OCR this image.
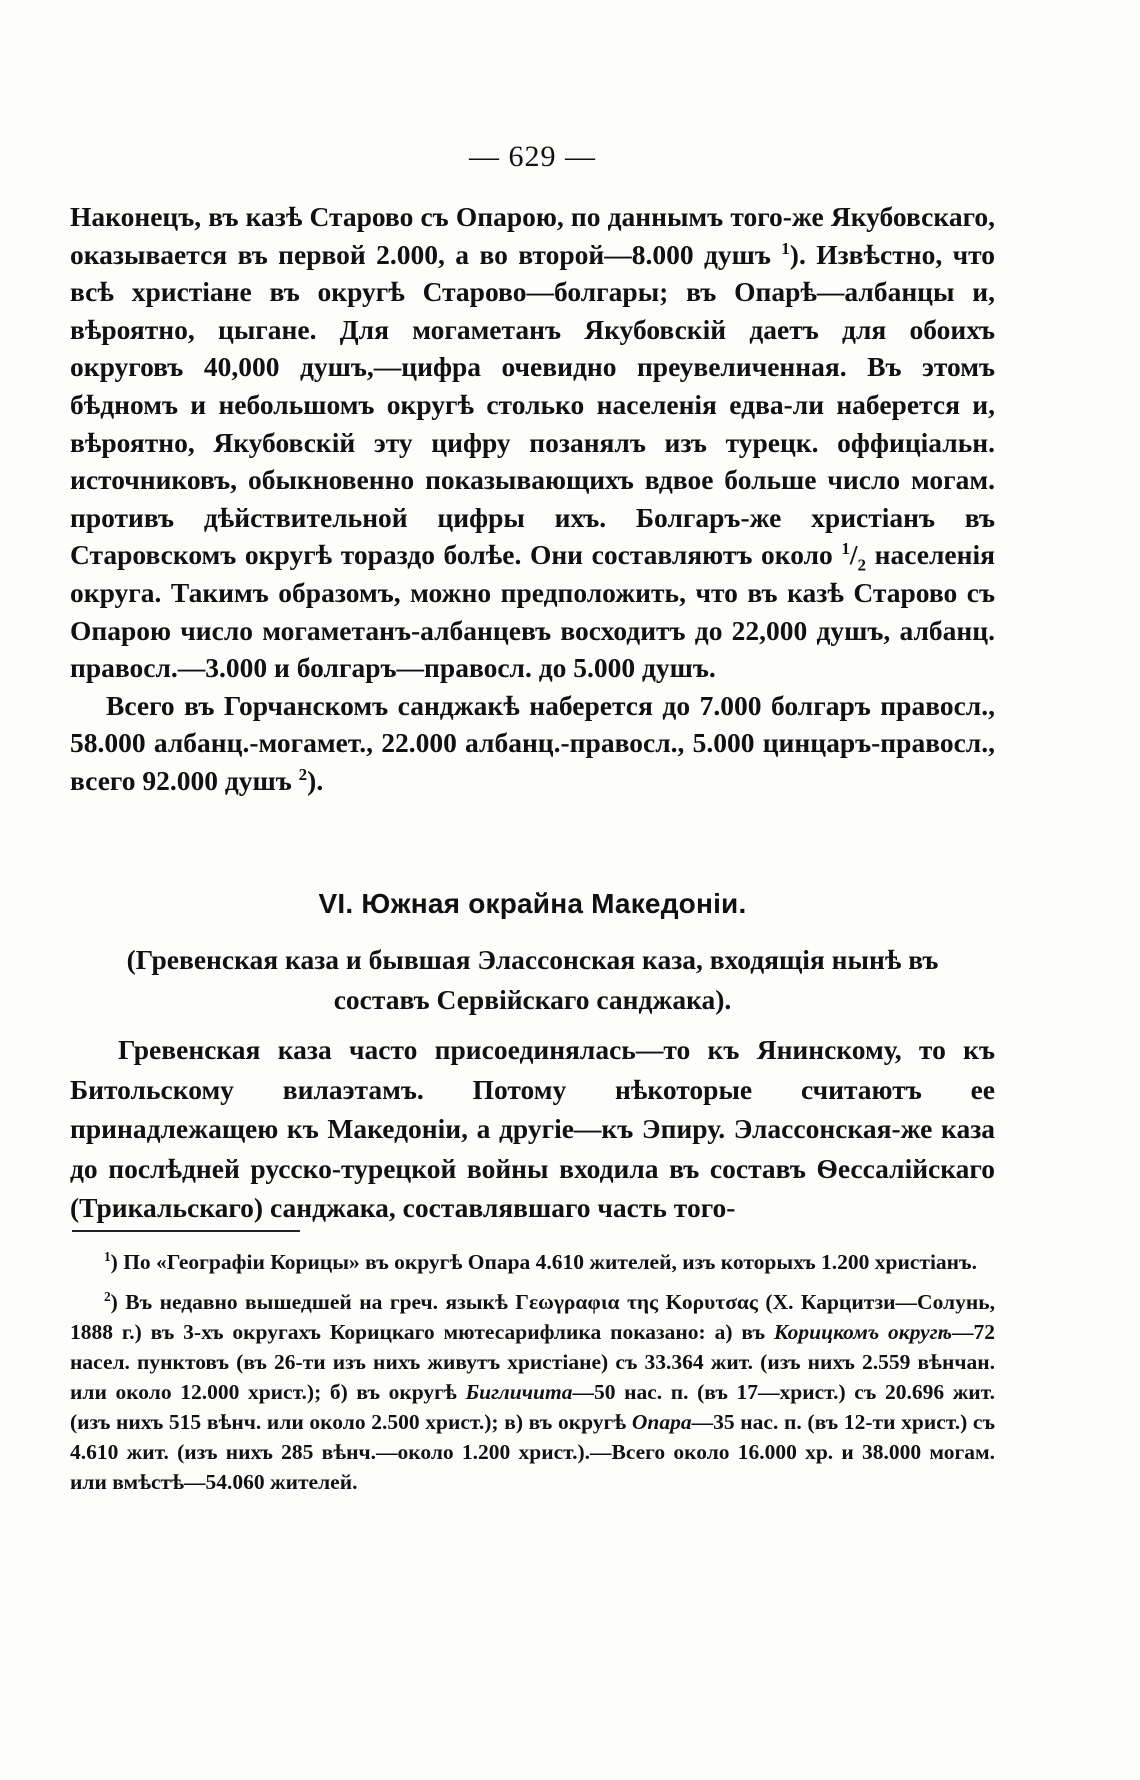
— 629 —

Наконецъ, въ казѣ Старово съ Опарою, по даннымъ того-же Якубовскаго, оказывается въ первой 2.000, а во второй—8.000 душъ $^1$). Извѣстно, что всѣ христiане въ округѣ Старово—болгары; въ Опарѣ—албанцы и, вѣроятно, цыгане. Для могаметанъ Якубовскiй даетъ для обоихъ округовъ 40,000 душъ,—цифра очевидно преувеличенная. Въ этомъ бѣдномъ и небольшомъ округѣ столько населенiя едва-ли наберется и, вѣроятно, Якубовскiй эту цифру позанялъ изъ турецк. оффицiальн. источниковъ, обыкновенно показывающихъ вдвое больше число могам. противъ дѣйствительной цифры ихъ. Болгаръ-же христiанъ въ Старовскомъ округѣ тораздо болѣе. Они составляютъ около $^1/_2$ населенiя округа. Такимъ образомъ, можно предположить, что въ казѣ Старово съ Опарою число могаметанъ-албанцевъ восходитъ до 22,000 душъ, албанц. правосл.—3.000 и болгаръ—правосл. до 5.000 душъ.

Всего въ Горчанскомъ санджакѣ наберется до 7.000 болгаръ правосл., 58.000 албанц.-могамет., 22.000 албанц.-правосл., 5.000 цинцаръ-правосл., всего 92.000 душъ $^2$).

VI. Южная окрайна Македонiи.
(Гревенская каза и бывшая Элассонская каза, входящiя нынѣ въ составъ Сервiйскаго санджака).
Гревенская каза часто присоединялась—то къ Янинскому, то къ Битольскому вилаэтамъ. Потому нѣкоторые считаютъ ее принадлежащею къ Македонiи, а другiе—къ Эпиру. Элассонская-же каза до послѣдней русско-турецкой войны входила въ составъ Ѳессалiйскаго (Трикальскаго) санджака, составлявшаго часть того-

$^1$) По «Географiи Корицы» въ округѣ Опара 4.610 жителей, изъ которыхъ 1.200 христiанъ.

$^2$) Въ недавно вышедшей на греч. языкѣ Γεωγραφια της Κορυτσας (Х. Карцитзи—Солунь, 1888 г.) въ 3-хъ округахъ Корицкаго мютесарифлика показано: а) въ Корицкомъ округѣ—72 насел. пунктовъ (въ 26-ти изъ нихъ живутъ христiане) съ 33.364 жит. (изъ нихъ 2.559 вѣнчан. или около 12.000 христ.); б) въ округѣ Бигличита—50 нас. п. (въ 17—христ.) съ 20.696 жит. (изъ нихъ 515 вѣнч. или около 2.500 христ.); в) въ округѣ Опара—35 нас. п. (въ 12-ти христ.) съ 4.610 жит. (изъ нихъ 285 вѣнч.—около 1.200 христ.).—Всего около 16.000 хр. и 38.000 могам. или вмѣстѣ—54.060 жителей.
